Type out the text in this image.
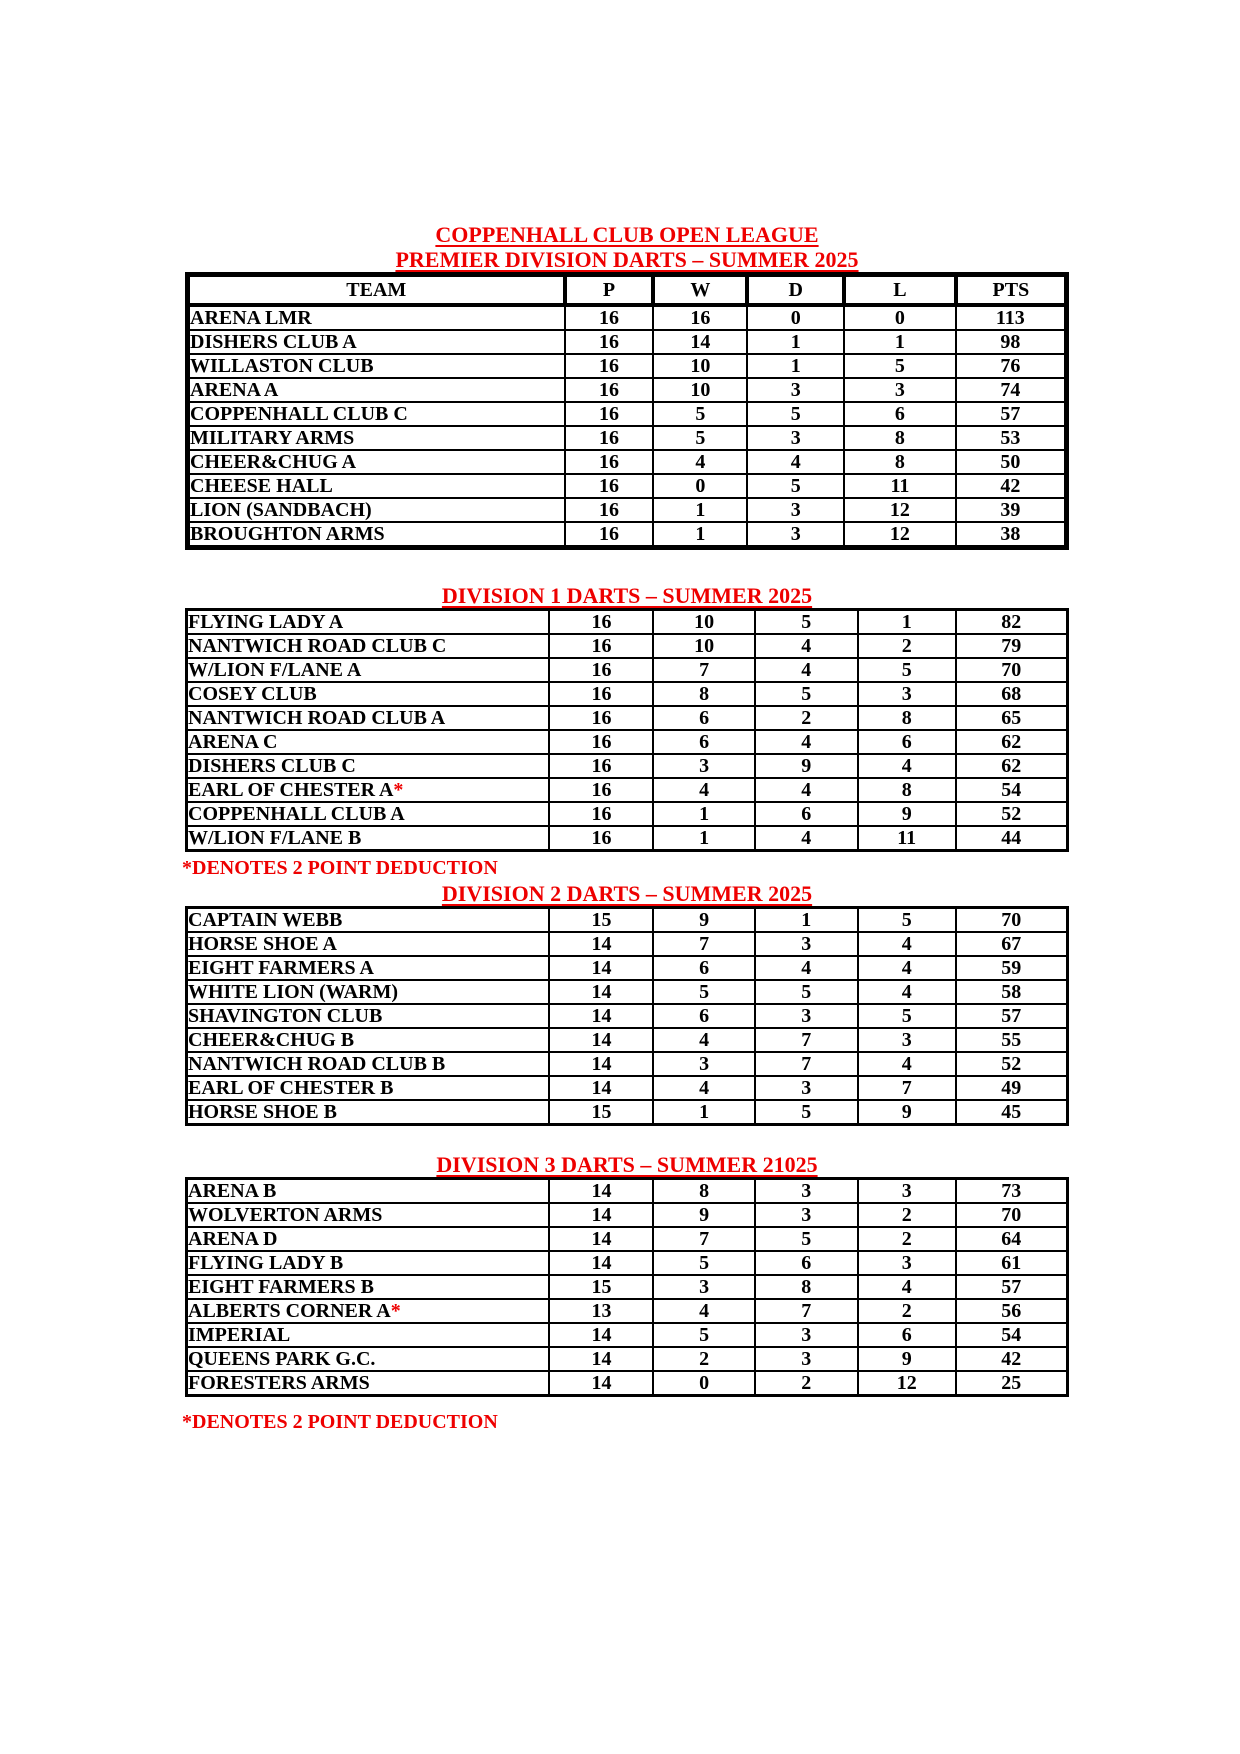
COPPENHALL CLUB OPEN LEAGUE
PREMIER DIVISION DARTS – SUMMER 2025
TEAM	P	W	D	L	PTS
ARENA LMR	16	16	0	0	113
DISHERS CLUB A	16	14	1	1	98
WILLASTON CLUB	16	10	1	5	76
ARENA A	16	10	3	3	74
COPPENHALL CLUB C	16	5	5	6	57
MILITARY ARMS	16	5	3	8	53
CHEER&CHUG A	16	4	4	8	50
CHEESE HALL	16	0	5	11	42
LION (SANDBACH)	16	1	3	12	39
BROUGHTON ARMS	16	1	3	12	38
DIVISION 1 DARTS – SUMMER 2025
FLYING LADY A	16	10	5	1	82
NANTWICH ROAD CLUB C	16	10	4	2	79
W/LION F/LANE A	16	7	4	5	70
COSEY CLUB	16	8	5	3	68
NANTWICH ROAD CLUB A	16	6	2	8	65
ARENA C	16	6	4	6	62
DISHERS CLUB C	16	3	9	4	62
EARL OF CHESTER A*	16	4	4	8	54
COPPENHALL CLUB A	16	1	6	9	52
W/LION F/LANE B	16	1	4	11	44
*DENOTES 2 POINT DEDUCTION
DIVISION 2 DARTS – SUMMER 2025
CAPTAIN WEBB	15	9	1	5	70
HORSE SHOE A	14	7	3	4	67
EIGHT FARMERS A	14	6	4	4	59
WHITE LION (WARM)	14	5	5	4	58
SHAVINGTON CLUB	14	6	3	5	57
CHEER&CHUG B	14	4	7	3	55
NANTWICH ROAD CLUB B	14	3	7	4	52
EARL OF CHESTER B	14	4	3	7	49
HORSE SHOE B	15	1	5	9	45
DIVISION 3 DARTS – SUMMER 21025
ARENA B	14	8	3	3	73
WOLVERTON ARMS	14	9	3	2	70
ARENA D	14	7	5	2	64
FLYING LADY B	14	5	6	3	61
EIGHT FARMERS B	15	3	8	4	57
ALBERTS CORNER A*	13	4	7	2	56
IMPERIAL	14	5	3	6	54
QUEENS PARK G.C.	14	2	3	9	42
FORESTERS ARMS	14	0	2	12	25
*DENOTES 2 POINT DEDUCTION
